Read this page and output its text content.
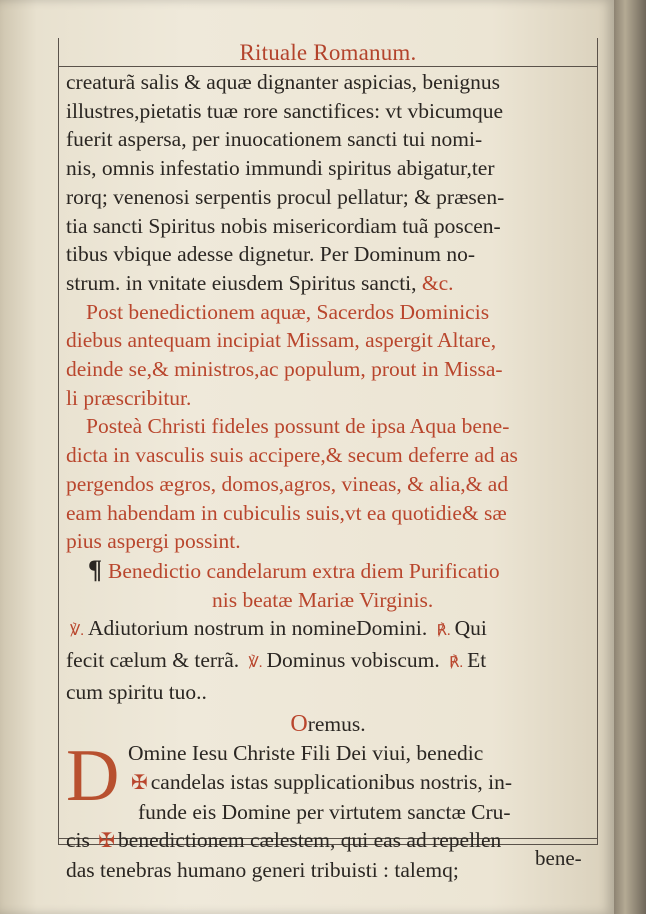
Rituale Romanum.

creaturã salis & aquæ dignanter aspicias, benignus
illustres,pietatis tuæ rore sanctifices: vt vbicumque
fuerit aspersa, per inuocationem sancti tui nomi-
nis, omnis infestatio immundi spiritus abigatur,ter
rorq; venenosi serpentis procul pellatur; & præsen-
tia sancti Spiritus nobis misericordiam tuã poscen-
tibus vbique adesse dignetur. Per Dominum no-
strum. in vnitate eiusdem Spiritus sancti, &c.

Post benedictionem aquæ, Sacerdos Dominicis
diebus antequam incipiat Missam, aspergit Altare,
deinde se,& ministros,ac populum, prout in Missa-
li præscribitur.

Posteà Christi fideles possunt de ipsa Aqua bene-
dicta in vasculis suis accipere,& secum deferre ad as
pergendos ægros, domos,agros, vineas, & alia,& ad
eam habendam in cubiculis suis,vt ea quotidie& sæ
pius aspergi possint.

¶ Benedictio candelarum extra diem Purificatio
nis beatæ Mariæ Virginis.

℣. Adiutorium nostrum in nomineDomini. ℟. Qui
fecit cælum & terrã. ℣. Dominus vobiscum. ℟. Et
cum spiritu tuo..

Oremus.

D Omine Iesu Christe Fili Dei viui, benedic
✠ candelas istas supplicationibus nostris, in-
funde eis Domine per virtutem sanctæ Cru-
cis ✠ benedictionem cælestem, qui eas ad repellen
das tenebras humano generi tribuisti : talemq;	bene-
